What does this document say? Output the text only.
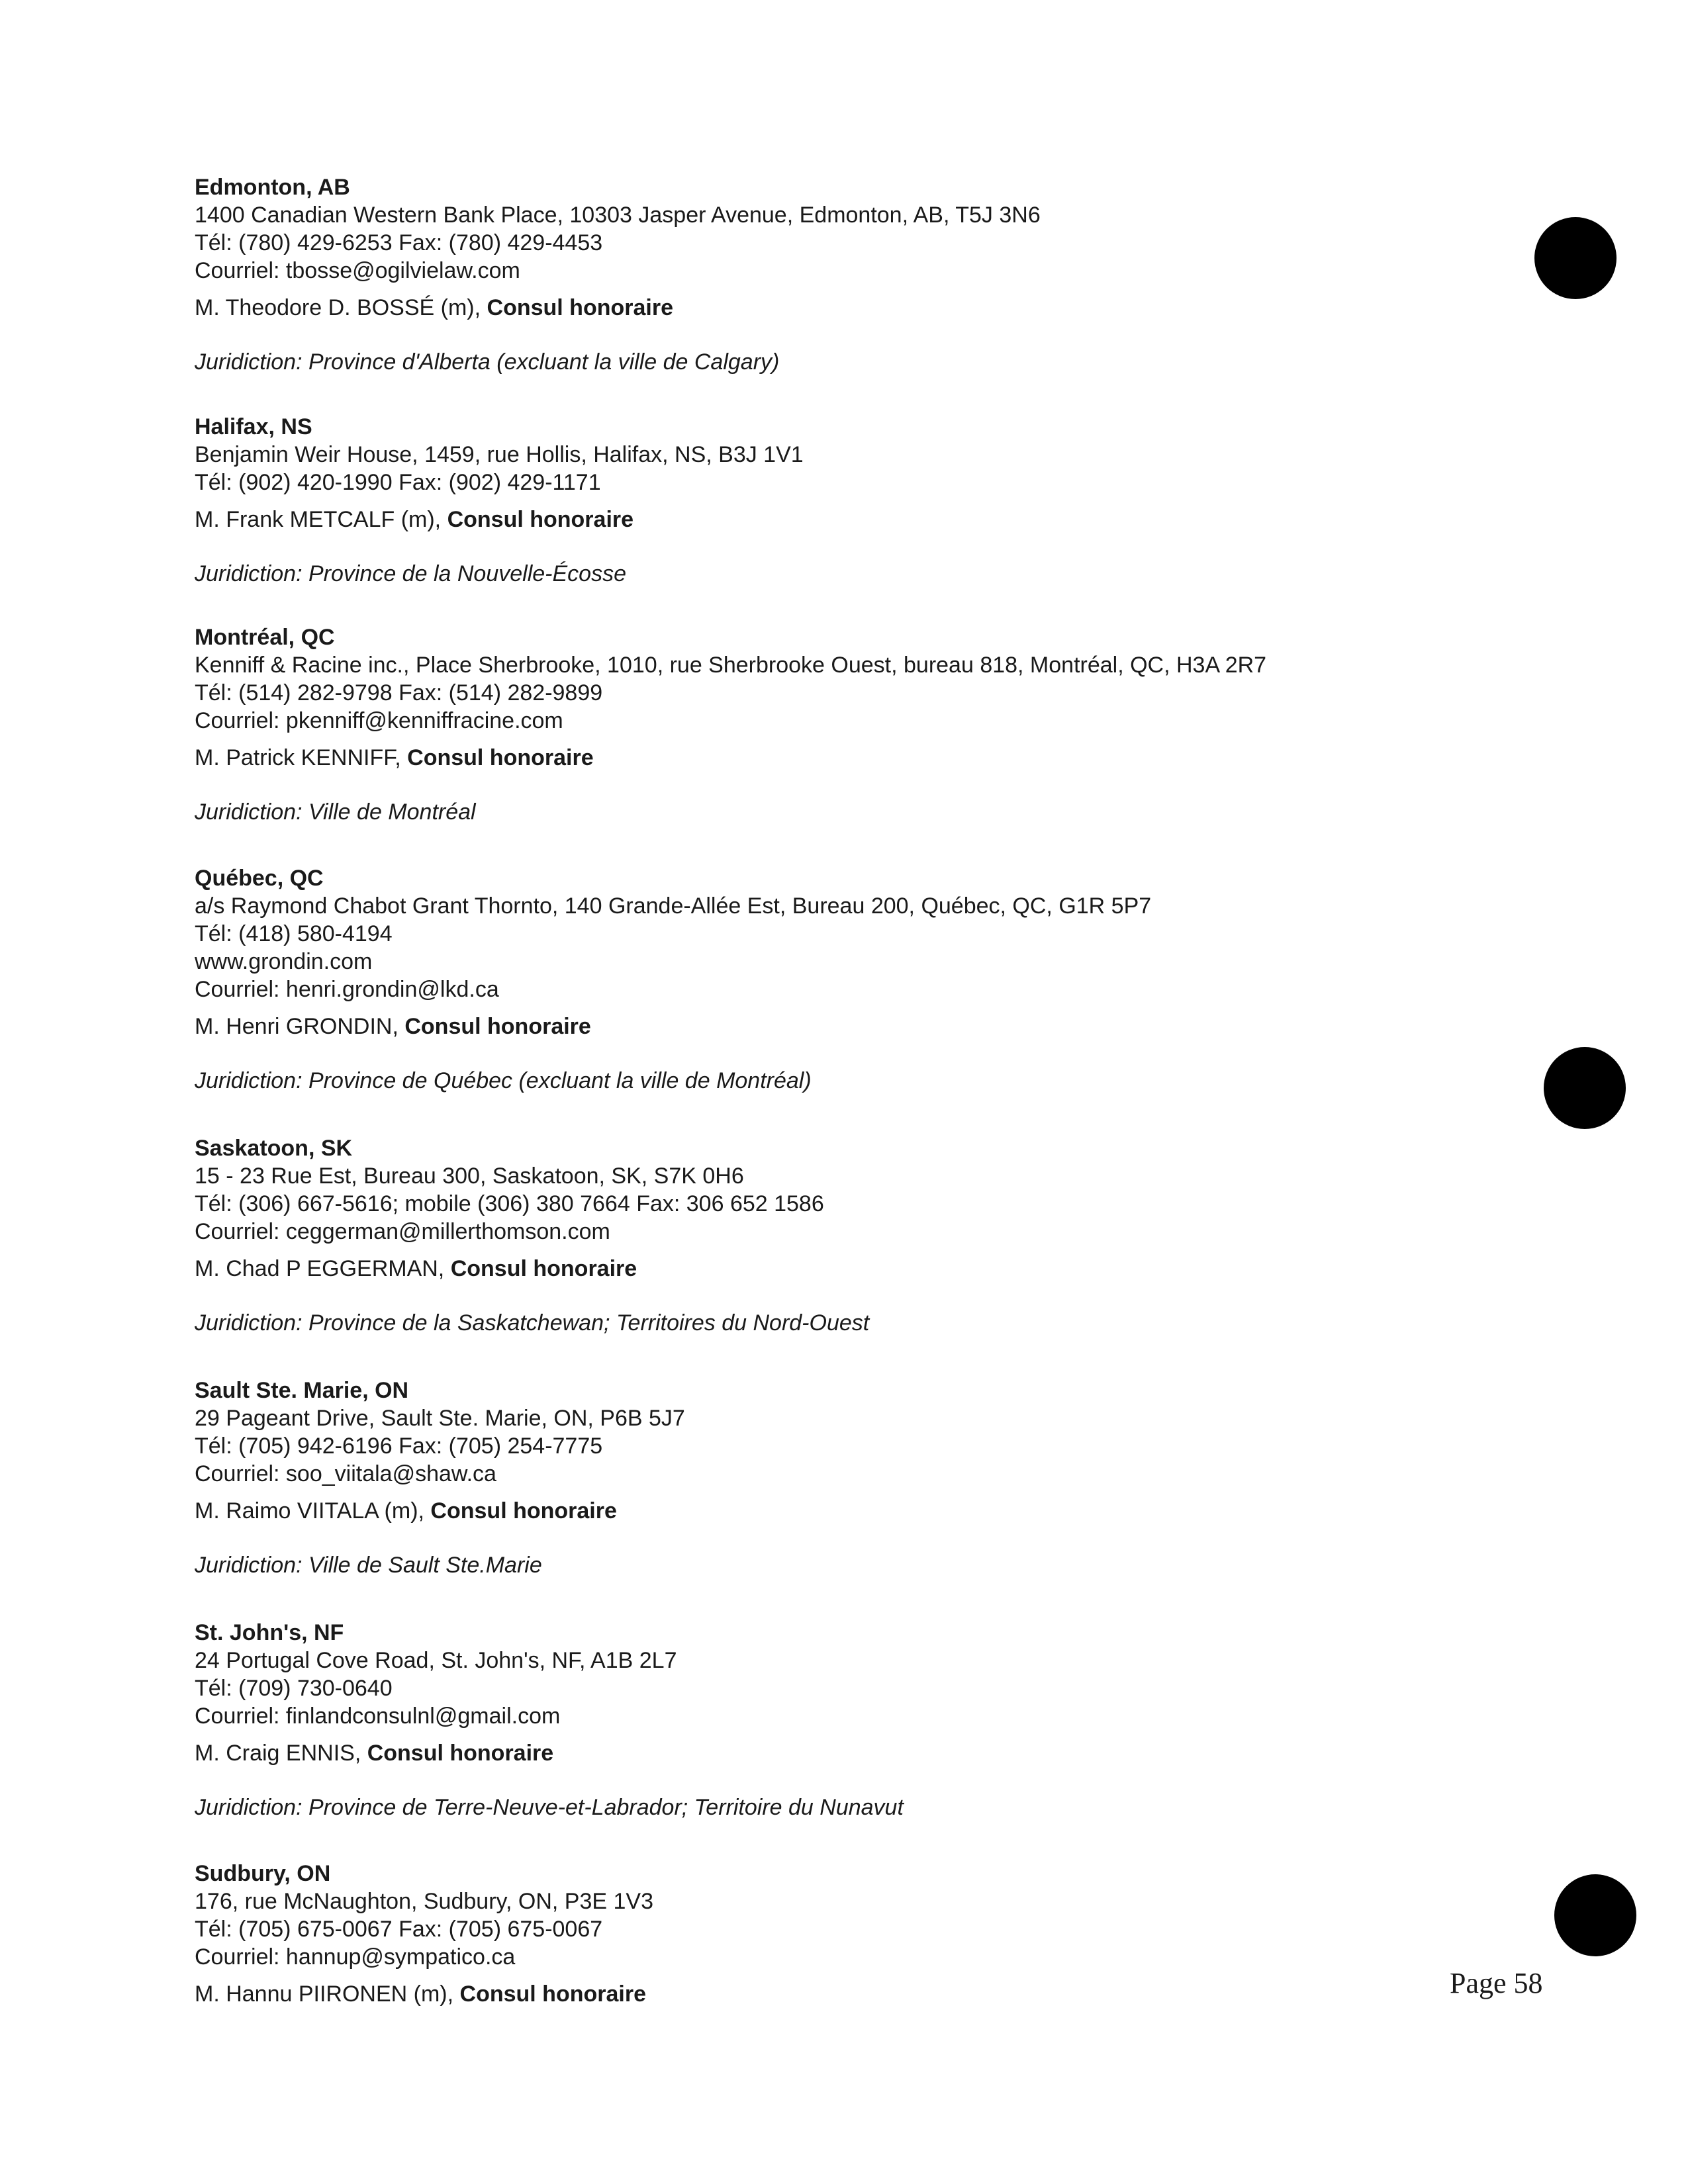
Edmonton, AB
1400 Canadian Western Bank Place, 10303 Jasper Avenue, Edmonton, AB, T5J 3N6
Tél: (780) 429-6253 Fax: (780) 429-4453
Courriel: tbosse@ogilvielaw.com
M. Theodore D. BOSSÉ (m), Consul honoraire
Juridiction: Province d'Alberta (excluant la ville de Calgary)
Halifax, NS
Benjamin Weir House, 1459, rue Hollis, Halifax, NS, B3J 1V1
Tél: (902) 420-1990 Fax: (902) 429-1171
M. Frank METCALF (m), Consul honoraire
Juridiction: Province de la Nouvelle-Écosse
Montréal, QC
Kenniff & Racine inc., Place Sherbrooke, 1010, rue Sherbrooke Ouest, bureau 818, Montréal, QC, H3A 2R7
Tél: (514) 282-9798 Fax: (514) 282-9899
Courriel: pkenniff@kenniffracine.com
M. Patrick KENNIFF, Consul honoraire
Juridiction: Ville de Montréal
Québec, QC
a/s Raymond Chabot Grant Thornto, 140 Grande-Allée Est, Bureau 200, Québec, QC, G1R 5P7
Tél: (418) 580-4194
www.grondin.com
Courriel: henri.grondin@lkd.ca
M. Henri GRONDIN, Consul honoraire
Juridiction: Province de Québec (excluant la ville de Montréal)
Saskatoon, SK
15 - 23 Rue Est, Bureau 300, Saskatoon, SK, S7K 0H6
Tél: (306) 667-5616; mobile (306) 380 7664 Fax: 306 652 1586
Courriel: ceggerman@millerthomson.com
M. Chad P EGGERMAN, Consul honoraire
Juridiction: Province de la Saskatchewan; Territoires du Nord-Ouest
Sault Ste. Marie, ON
29 Pageant Drive, Sault Ste. Marie, ON, P6B 5J7
Tél: (705) 942-6196 Fax: (705) 254-7775
Courriel: soo_viitala@shaw.ca
M. Raimo VIITALA (m), Consul honoraire
Juridiction: Ville de Sault Ste.Marie
St. John's, NF
24 Portugal Cove Road, St. John's, NF, A1B 2L7
Tél: (709) 730-0640
Courriel: finlandconsulnl@gmail.com
M. Craig ENNIS, Consul honoraire
Juridiction: Province de Terre-Neuve-et-Labrador; Territoire du Nunavut
Sudbury, ON
176, rue McNaughton, Sudbury, ON, P3E 1V3
Tél: (705) 675-0067 Fax: (705) 675-0067
Courriel: hannup@sympatico.ca
M. Hannu PIIRONEN (m), Consul honoraire	Page 58
